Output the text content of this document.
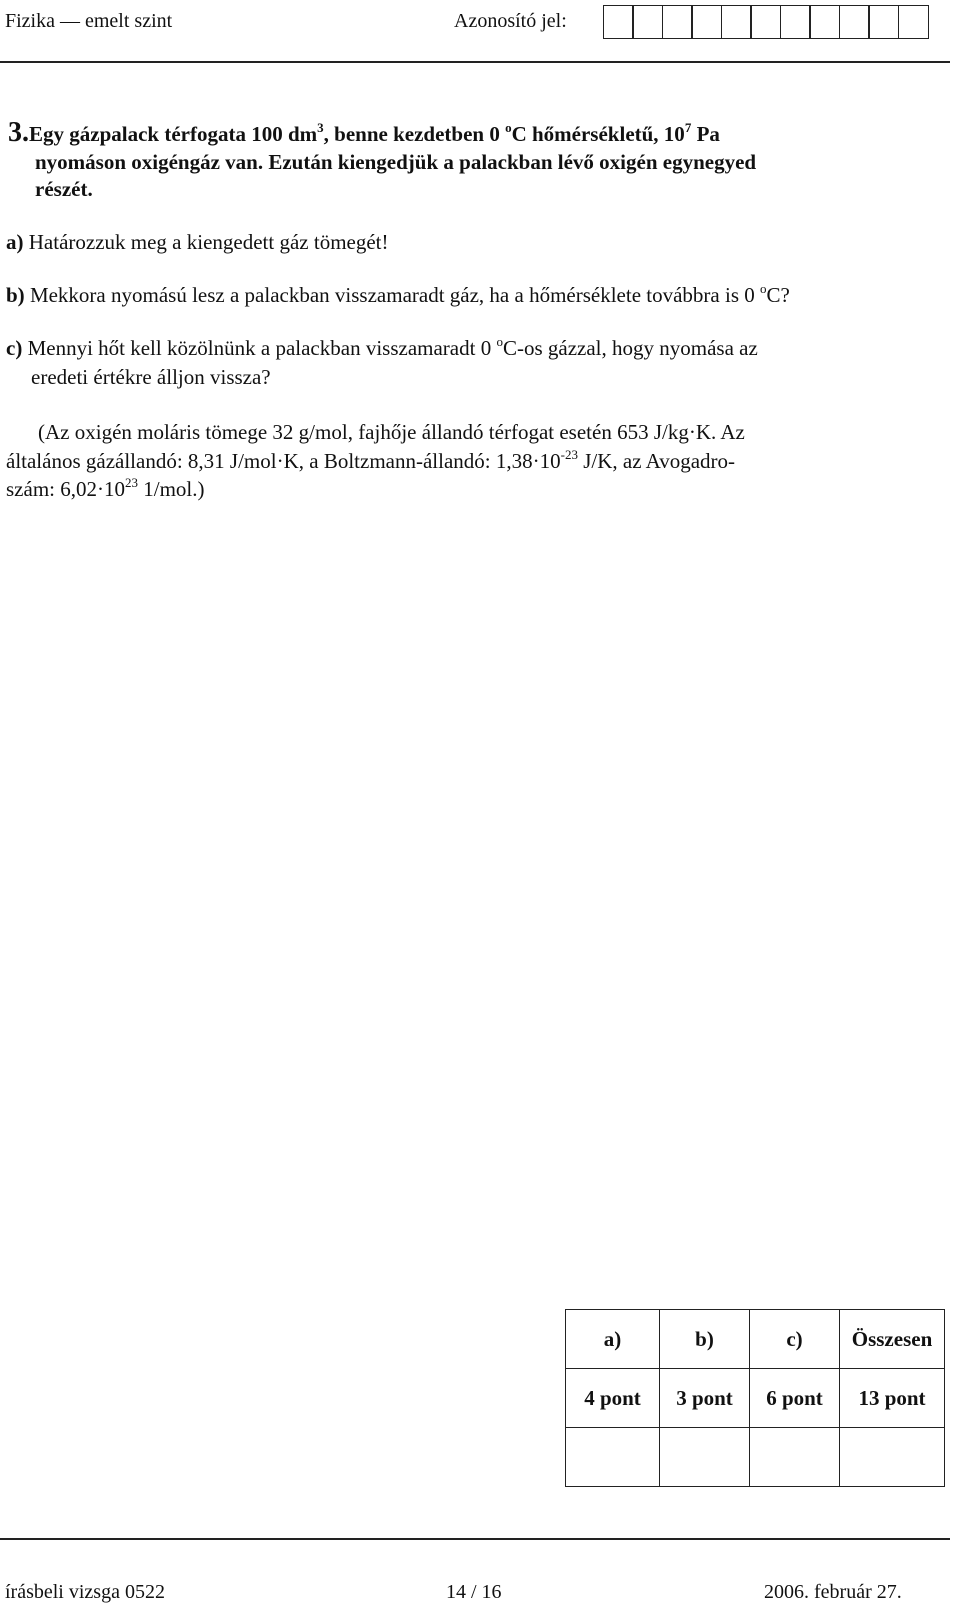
Fizika — emelt szint	Azonosító jel:
3.Egy gázpalack térfogata 100 $dm^3$, benne kezdetben 0 $^o$C hőmérsékletű, $10^7$ Pa
nyomáson oxigéngáz van. Ezután kiengedjük a palackban lévő oxigén egynegyed
részét.
a) Határozzuk meg a kiengedett gáz tömegét!
b) Mekkora nyomású lesz a palackban visszamaradt gáz, ha a hőmérséklete továbbra is 0 $^o$C?
c) Mennyi hőt kell közölnünk a palackban visszamaradt 0 $^o$C-os gázzal, hogy nyomása az
eredeti értékre álljon vissza?
(Az oxigén moláris tömege 32 g/mol, fajhője állandó térfogat esetén 653 J/kg·K. Az
általános gázállandó: 8,31 J/mol·K, a Boltzmann-állandó: $1,38\cdot 10^{-23}$ J/K, az Avogadro-
szám: $6,02\cdot 10^{23}$ 1/mol.)
a)	b)	c)	Összesen
4 pont	3 pont	6 pont	13 pont

írásbeli vizsga 0522	14 / 16	2006. február 27.
